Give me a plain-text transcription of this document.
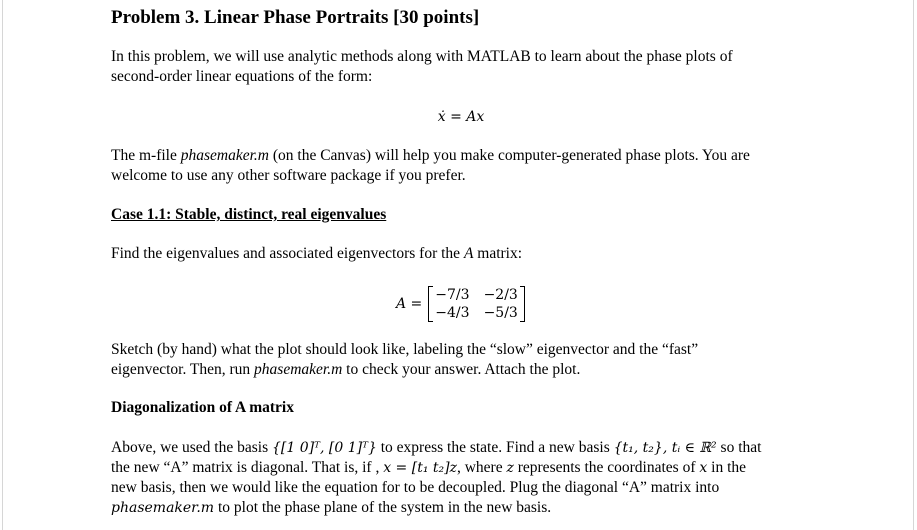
Problem 3. Linear Phase Portraits [30 points]
In this problem, we will use analytic methods along with MATLAB to learn about the phase plots of
second-order linear equations of the form:
ẋ = Ax
The m-file phasemaker.m (on the Canvas) will help you make computer-generated phase plots. You are
welcome to use any other software package if you prefer.
Case 1.1: Stable, distinct, real eigenvalues
Find the eigenvalues and associated eigenvectors for the A matrix:
A =
−7/3 −2/3
−4/3 −5/3
Sketch (by hand) what the plot should look like, labeling the “slow” eigenvector and the “fast”
eigenvector. Then, run phasemaker.m to check your answer. Attach the plot.
Diagonalization of A matrix
Above, we used the basis {[1 0]ᵀ, [0 1]ᵀ} to express the state. Find a new basis {t₁, t₂}, tᵢ ∈ ℝ² so that
the new “A” matrix is diagonal. That is, if , x = [t₁ t₂]z, where z represents the coordinates of x in the
new basis, then we would like the equation for to be decoupled. Plug the diagonal “A” matrix into
phasemaker.m to plot the phase plane of the system in the new basis.
